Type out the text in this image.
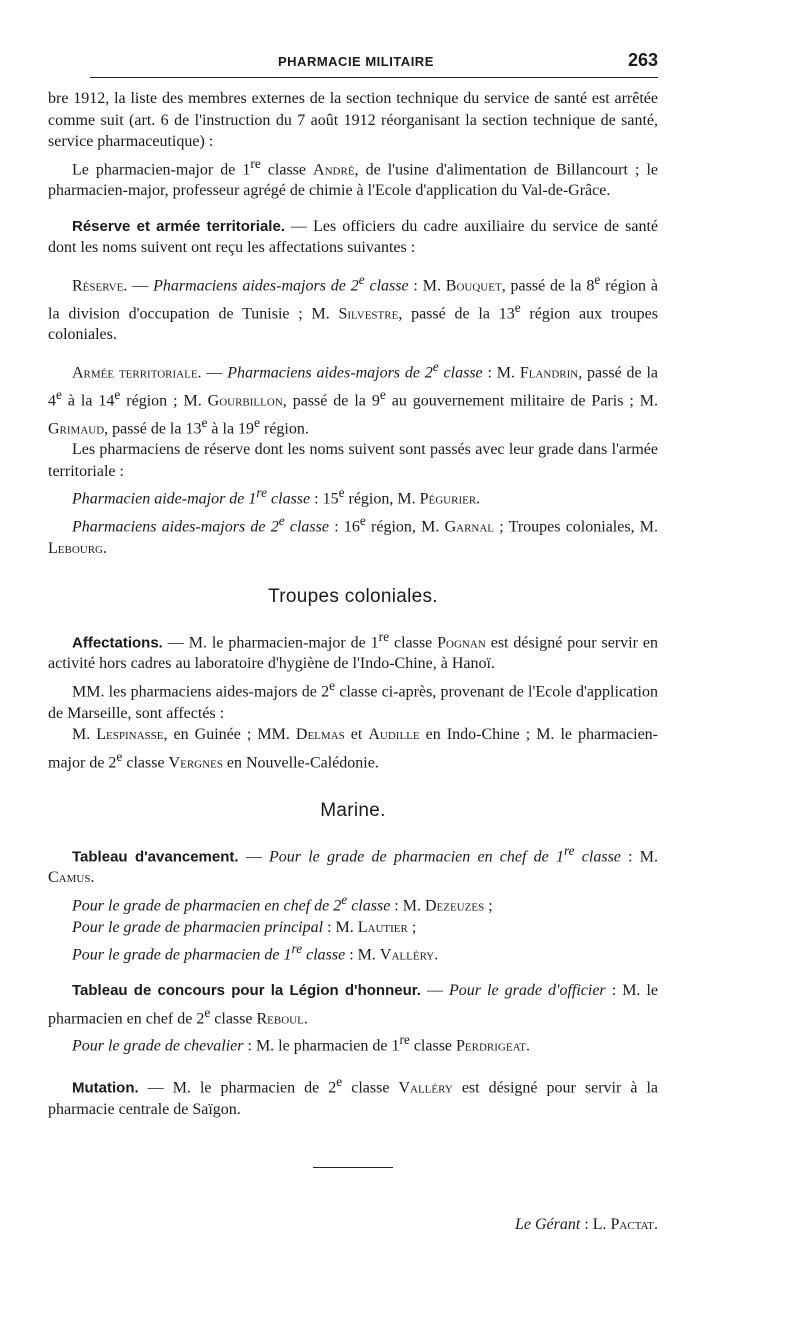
PHARMACIE MILITAIRE	263

bre 1912, la liste des membres externes de la section technique du service de santé est arrêtée comme suit (art. 6 de l'instruction du 7 août 1912 réorganisant la section technique de santé, service pharmaceutique) :

Le pharmacien-major de 1re classe André, de l'usine d'alimentation de Billancourt ; le pharmacien-major, professeur agrégé de chimie à l'Ecole d'application du Val-de-Grâce.

Réserve et armée territoriale. — Les officiers du cadre auxiliaire du service de santé dont les noms suivent ont reçu les affectations suivantes :

Réserve. — Pharmaciens aides-majors de 2e classe : M. Bouquet, passé de la 8e région à la division d'occupation de Tunisie ; M. Silvestre, passé de la 13e région aux troupes coloniales.

Armée territoriale. — Pharmaciens aides-majors de 2e classe : M. Flandrin, passé de la 4e à la 14e région ; M. Gourbillon, passé de la 9e au gouvernement militaire de Paris ; M. Grimaud, passé de la 13e à la 19e région.

Les pharmaciens de réserve dont les noms suivent sont passés avec leur grade dans l'armée territoriale :

Pharmacien aide-major de 1re classe : 15e région, M. Pégurier.

Pharmaciens aides-majors de 2e classe : 16e région, M. Garnal ; Troupes coloniales, M. Lebourg.

Troupes coloniales.

Affectations. — M. le pharmacien-major de 1re classe Pognan est désigné pour servir en activité hors cadres au laboratoire d'hygiène de l'Indo-Chine, à Hanoï.

MM. les pharmaciens aides-majors de 2e classe ci-après, provenant de l'Ecole d'application de Marseille, sont affectés :

M. Lespinasse, en Guinée ; MM. Delmas et Audille en Indo-Chine ; M. le pharmacien-major de 2e classe Vergnes en Nouvelle-Calédonie.

Marine.

Tableau d'avancement. — Pour le grade de pharmacien en chef de 1re classe : M. Camus.

Pour le grade de pharmacien en chef de 2e classe : M. Dezeuzes ;

Pour le grade de pharmacien principal : M. Lautier ;

Pour le grade de pharmacien de 1re classe : M. Valléry.

Tableau de concours pour la Légion d'honneur. — Pour le grade d'officier : M. le pharmacien en chef de 2e classe Reboul.

Pour le grade de chevalier : M. le pharmacien de 1re classe Perdrigeat.

Mutation. — M. le pharmacien de 2e classe Valléry est désigné pour servir à la pharmacie centrale de Saïgon.

Le Gérant : L. Pactat.
